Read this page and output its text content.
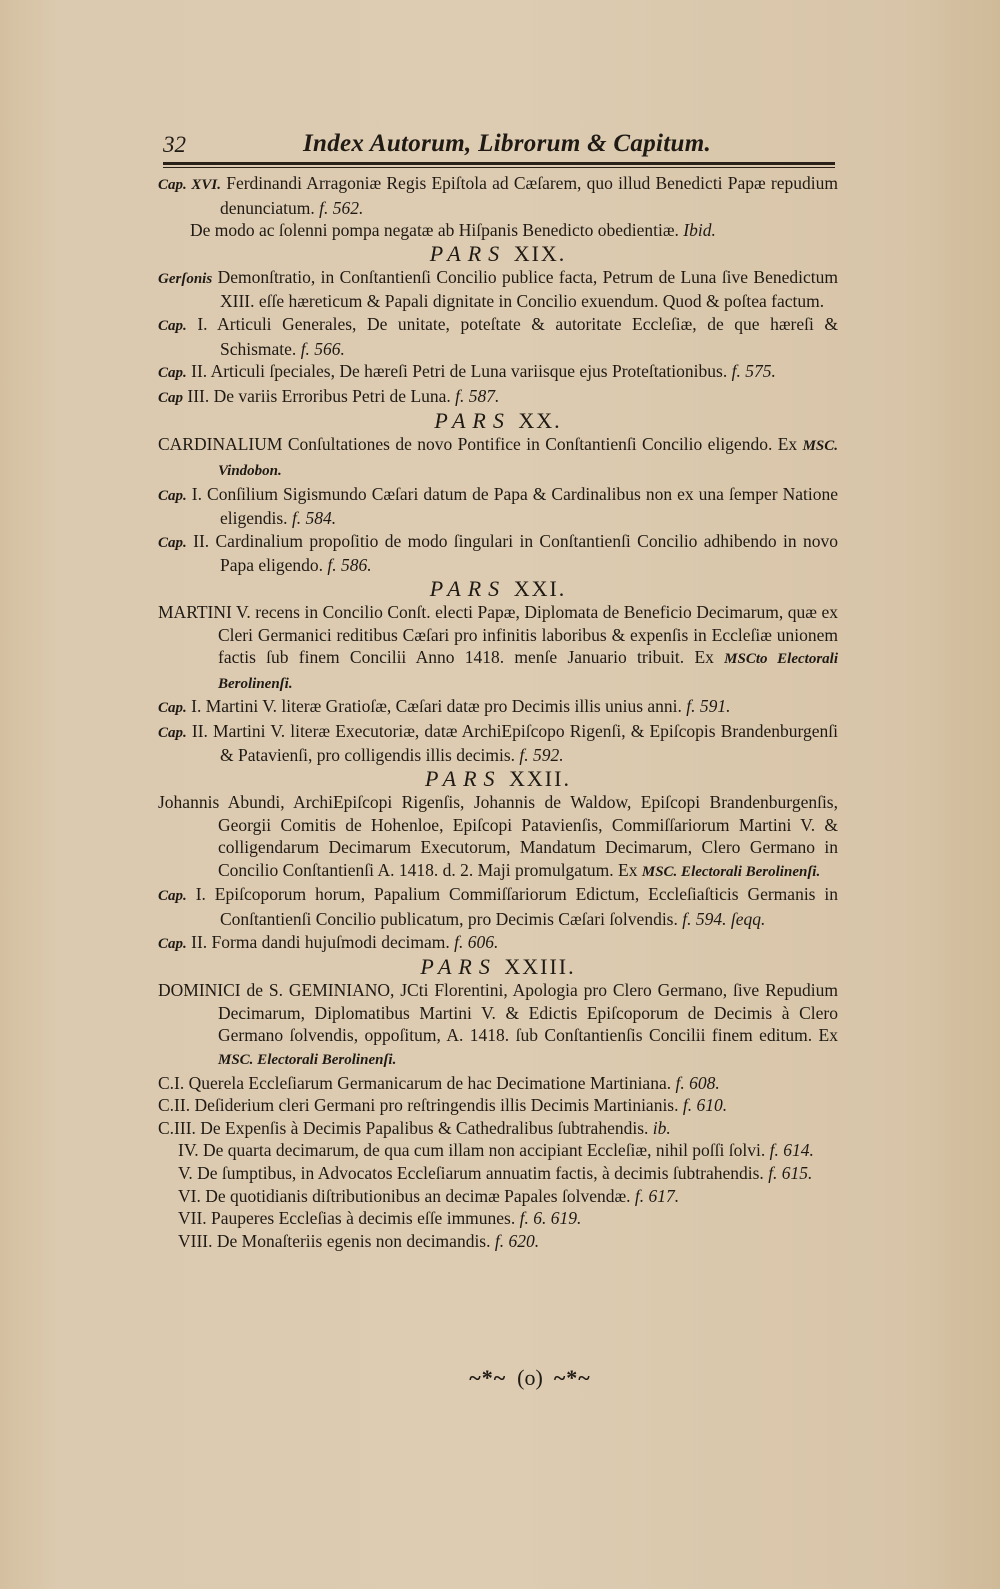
32	Index Autorum, Librorum & Capitum.

Cap. XVI. Ferdinandi Arragoniæ Regis Epiſtola ad Cæſarem, quo illud Benedicti Papæ repudium denunciatum. f. 562.

De modo ac ſolenni pompa negatæ ab Hiſpanis Benedicto obedientiæ. Ibid.

PARS XIX.

Gerſonis Demonſtratio, in Conſtantienſi Concilio publice facta, Petrum de Luna ſive Benedictum XIII. eſſe hæreticum & Papali dignitate in Concilio exuendum. Quod & poſtea factum.

Cap. I. Articuli Generales, De unitate, poteſtate & autoritate Eccleſiæ, de que hæreſi & Schismate. f. 566.

Cap. II. Articuli ſpeciales, De hæreſi Petri de Luna variisque ejus Proteſtationibus. f. 575.

Cap III. De variis Erroribus Petri de Luna. f. 587.

PARS XX.

CARDINALIUM Conſultationes de novo Pontifice in Conſtantienſi Concilio eligendo. Ex MSC. Vindobon.

Cap. I. Conſilium Sigismundo Cæſari datum de Papa & Cardinalibus non ex una ſemper Natione eligendis. f. 584.

Cap. II. Cardinalium propoſitio de modo ſingulari in Conſtantienſi Concilio adhibendo in novo Papa eligendo. f. 586.

PARS XXI.

MARTINI V. recens in Concilio Conſt. electi Papæ, Diplomata de Beneficio Decimarum, quæ ex Cleri Germanici reditibus Cæſari pro infinitis laboribus & expenſis in Eccleſiæ unionem factis ſub finem Concilii Anno 1418. menſe Januario tribuit. Ex MSCto Electorali Berolinenſi.

Cap. I. Martini V. literæ Gratioſæ, Cæſari datæ pro Decimis illis unius anni. f. 591.

Cap. II. Martini V. literæ Executoriæ, datæ ArchiEpiſcopo Rigenſi, & Epiſcopis Brandenburgenſi & Patavienſi, pro colligendis illis decimis. f. 592.

PARS XXII.

Johannis Abundi, ArchiEpiſcopi Rigenſis, Johannis de Waldow, Epiſcopi Brandenburgenſis, Georgii Comitis de Hohenloe, Epiſcopi Patavienſis, Commiſſariorum Martini V. & colligendarum Decimarum Executorum, Mandatum Decimarum, Clero Germano in Concilio Conſtantienſi A. 1418. d. 2. Maji promulgatum. Ex MSC. Electorali Berolinenſi.

Cap. I. Epiſcoporum horum, Papalium Commiſſariorum Edictum, Eccleſiaſticis Germanis in Conſtantienſi Concilio publicatum, pro Decimis Cæſari ſolvendis. f. 594. ſeqq.

Cap. II. Forma dandi hujuſmodi decimam. f. 606.

PARS XXIII.

DOMINICI de S. GEMINIANO, JCti Florentini, Apologia pro Clero Germano, ſive Repudium Decimarum, Diplomatibus Martini V. & Edictis Epiſcoporum de Decimis à Clero Germano ſolvendis, oppoſitum, A. 1418. ſub Conſtantienſis Concilii finem editum. Ex MSC. Electorali Berolinenſi.

C.I. Querela Eccleſiarum Germanicarum de hac Decimatione Martiniana. f. 608.

C.II. Deſiderium cleri Germani pro reſtringendis illis Decimis Martinianis. f. 610.

C.III. De Expenſis à Decimis Papalibus & Cathedralibus ſubtrahendis. ib.

IV. De quarta decimarum, de qua cum illam non accipiant Eccleſiæ, nihil poſſi ſolvi. f. 614.

V. De ſumptibus, in Advocatos Eccleſiarum annuatim factis, à decimis ſubtrahendis. f. 615.

VI. De quotidianis diſtributionibus an decimæ Papales ſolvendæ. f. 617.

VII. Pauperes Eccleſias à decimis eſſe immunes. f. 6. 619.

VIII. De Monaſteriis egenis non decimandis. f. 620.

~*~ (o) ~*~
